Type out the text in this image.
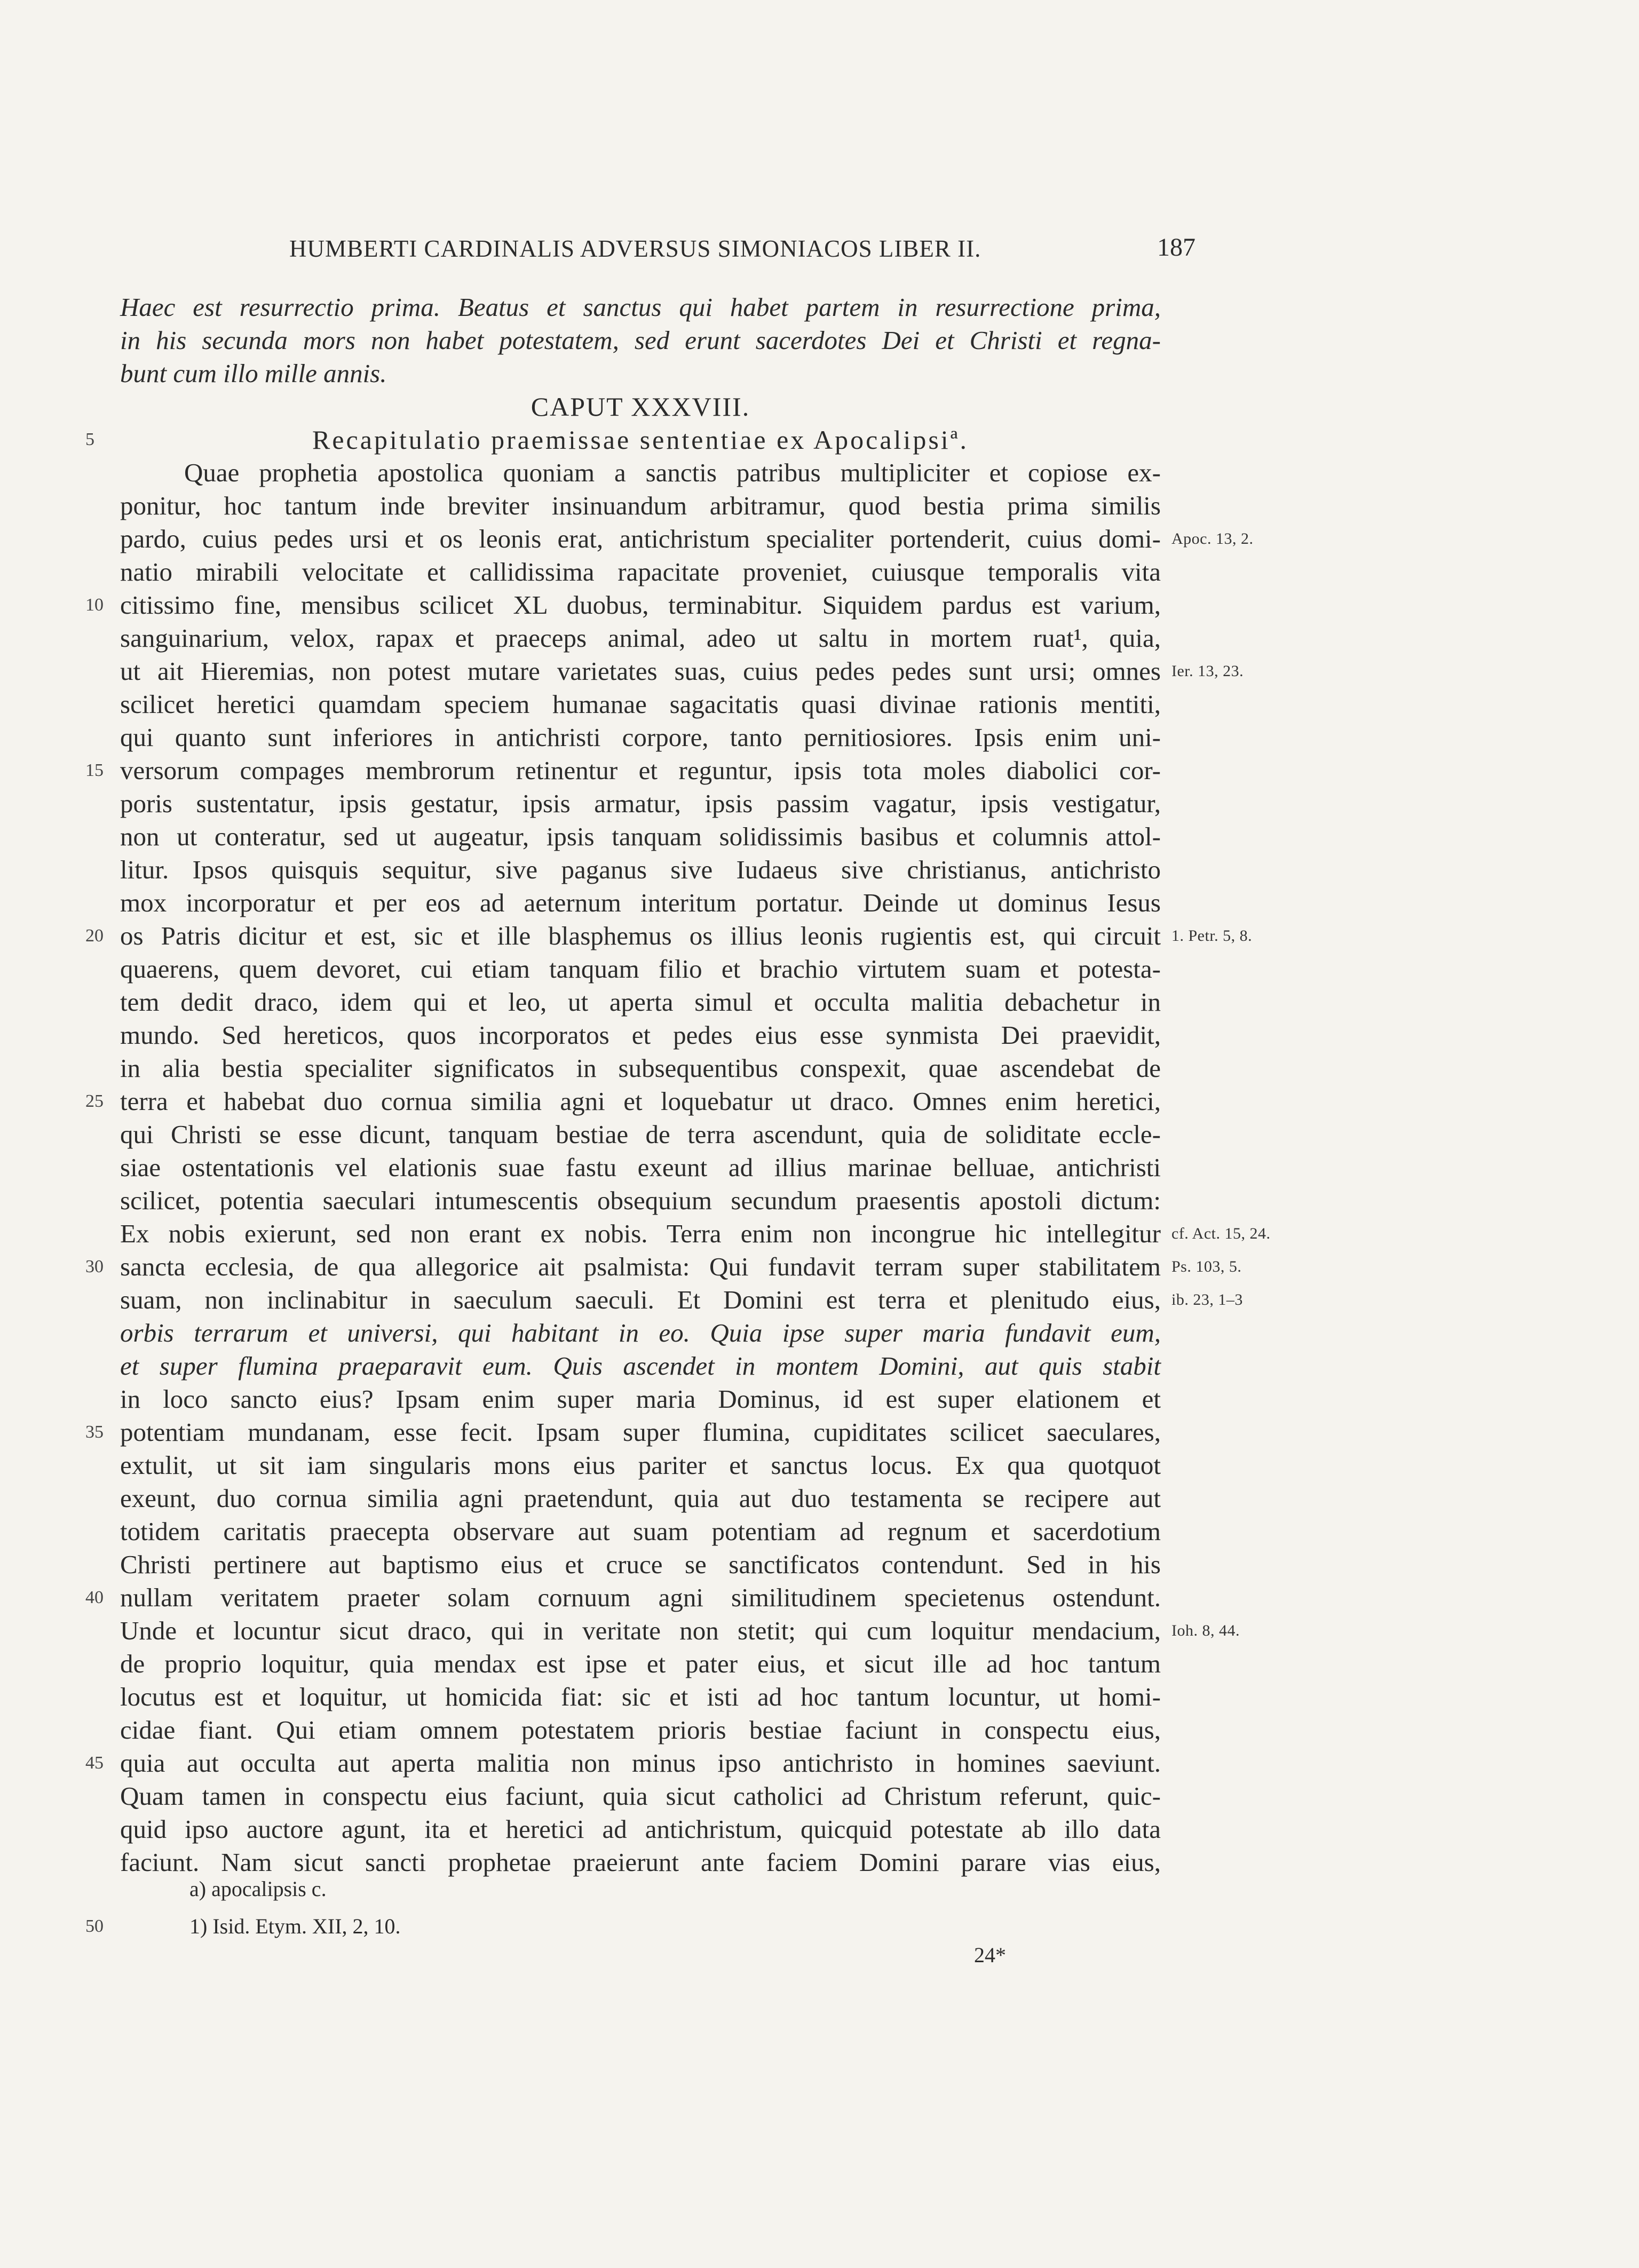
HUMBERTI CARDINALIS ADVERSUS SIMONIACOS LIBER II.	187
Haec est resurrectio prima. Beatus et sanctus qui habet partem in resurrectione prima,
in his secunda mors non habet potestatem, sed erunt sacerdotes Dei et Christi et regna-
bunt cum illo mille annis.
CAPUT XXXVIII.
5	Recapitulatio praemissae sententiae ex Apocalipsiª.
Quae prophetia apostolica quoniam a sanctis patribus multipliciter et copiose ex-
ponitur, hoc tantum inde breviter insinuandum arbitramur, quod bestia prima similis
pardo, cuius pedes ursi et os leonis erat, antichristum specialiter portenderit, cuius domi- Apoc. 13, 2.
natio mirabili velocitate et callidissima rapacitate proveniet, cuiusque temporalis vita
10 citissimo fine, mensibus scilicet XL duobus, terminabitur. Siquidem pardus est varium,
sanguinarium, velox, rapax et praeceps animal, adeo ut saltu in mortem ruat¹, quia,
ut ait Hieremias, non potest mutare varietates suas, cuius pedes pedes sunt ursi; omnes Ier. 13, 23.
scilicet heretici quamdam speciem humanae sagacitatis quasi divinae rationis mentiti,
qui quanto sunt inferiores in antichristi corpore, tanto pernitiosiores. Ipsis enim uni-
15 versorum compages membrorum retinentur et reguntur, ipsis tota moles diabolici cor-
poris sustentatur, ipsis gestatur, ipsis armatur, ipsis passim vagatur, ipsis vestigatur,
non ut conteratur, sed ut augeatur, ipsis tanquam solidissimis basibus et columnis attol-
litur. Ipsos quisquis sequitur, sive paganus sive Iudaeus sive christianus, antichristo
mox incorporatur et per eos ad aeternum interitum portatur. Deinde ut dominus Iesus
20 os Patris dicitur et est, sic et ille blasphemus os illius leonis rugientis est, qui circuit 1. Petr. 5, 8.
quaerens, quem devoret, cui etiam tanquam filio et brachio virtutem suam et potesta-
tem dedit draco, idem qui et leo, ut aperta simul et occulta malitia debachetur in
mundo. Sed hereticos, quos incorporatos et pedes eius esse synmista Dei praevidit,
in alia bestia specialiter significatos in subsequentibus conspexit, quae ascendebat de
25 terra et habebat duo cornua similia agni et loquebatur ut draco. Omnes enim heretici,
qui Christi se esse dicunt, tanquam bestiae de terra ascendunt, quia de soliditate eccle-
siae ostentationis vel elationis suae fastu exeunt ad illius marinae belluae, antichristi
scilicet, potentia saeculari intumescentis obsequium secundum praesentis apostoli dictum:
Ex nobis exierunt, sed non erant ex nobis. Terra enim non incongrue hic intellegitur cf. Act. 15, 24.
30 sancta ecclesia, de qua allegorice ait psalmista: Qui fundavit terram super stabilitatem Ps. 103, 5.
suam, non inclinabitur in saeculum saeculi. Et Domini est terra et plenitudo eius, ib. 23, 1–3
orbis terrarum et universi, qui habitant in eo. Quia ipse super maria fundavit eum,
et super flumina praeparavit eum. Quis ascendet in montem Domini, aut quis stabit
in loco sancto eius? Ipsam enim super maria Dominus, id est super elationem et
35 potentiam mundanam, esse fecit. Ipsam super flumina, cupiditates scilicet saeculares,
extulit, ut sit iam singularis mons eius pariter et sanctus locus. Ex qua quotquot
exeunt, duo cornua similia agni praetendunt, quia aut duo testamenta se recipere aut
totidem caritatis praecepta observare aut suam potentiam ad regnum et sacerdotium
Christi pertinere aut baptismo eius et cruce se sanctificatos contendunt. Sed in his
40 nullam veritatem praeter solam cornuum agni similitudinem specietenus ostendunt.
Unde et locuntur sicut draco, qui in veritate non stetit; qui cum loquitur mendacium, Ioh. 8, 44.
de proprio loquitur, quia mendax est ipse et pater eius, et sicut ille ad hoc tantum
locutus est et loquitur, ut homicida fiat: sic et isti ad hoc tantum locuntur, ut homi-
cidae fiant. Qui etiam omnem potestatem prioris bestiae faciunt in conspectu eius,
45 quia aut occulta aut aperta malitia non minus ipso antichristo in homines saeviunt.
Quam tamen in conspectu eius faciunt, quia sicut catholici ad Christum referunt, quic-
quid ipso auctore agunt, ita et heretici ad antichristum, quicquid potestate ab illo data
faciunt. Nam sicut sancti prophetae praeierunt ante faciem Domini parare vias eius,
a) apocalipsis c.
50	1) Isid. Etym. XII, 2, 10.
24*
